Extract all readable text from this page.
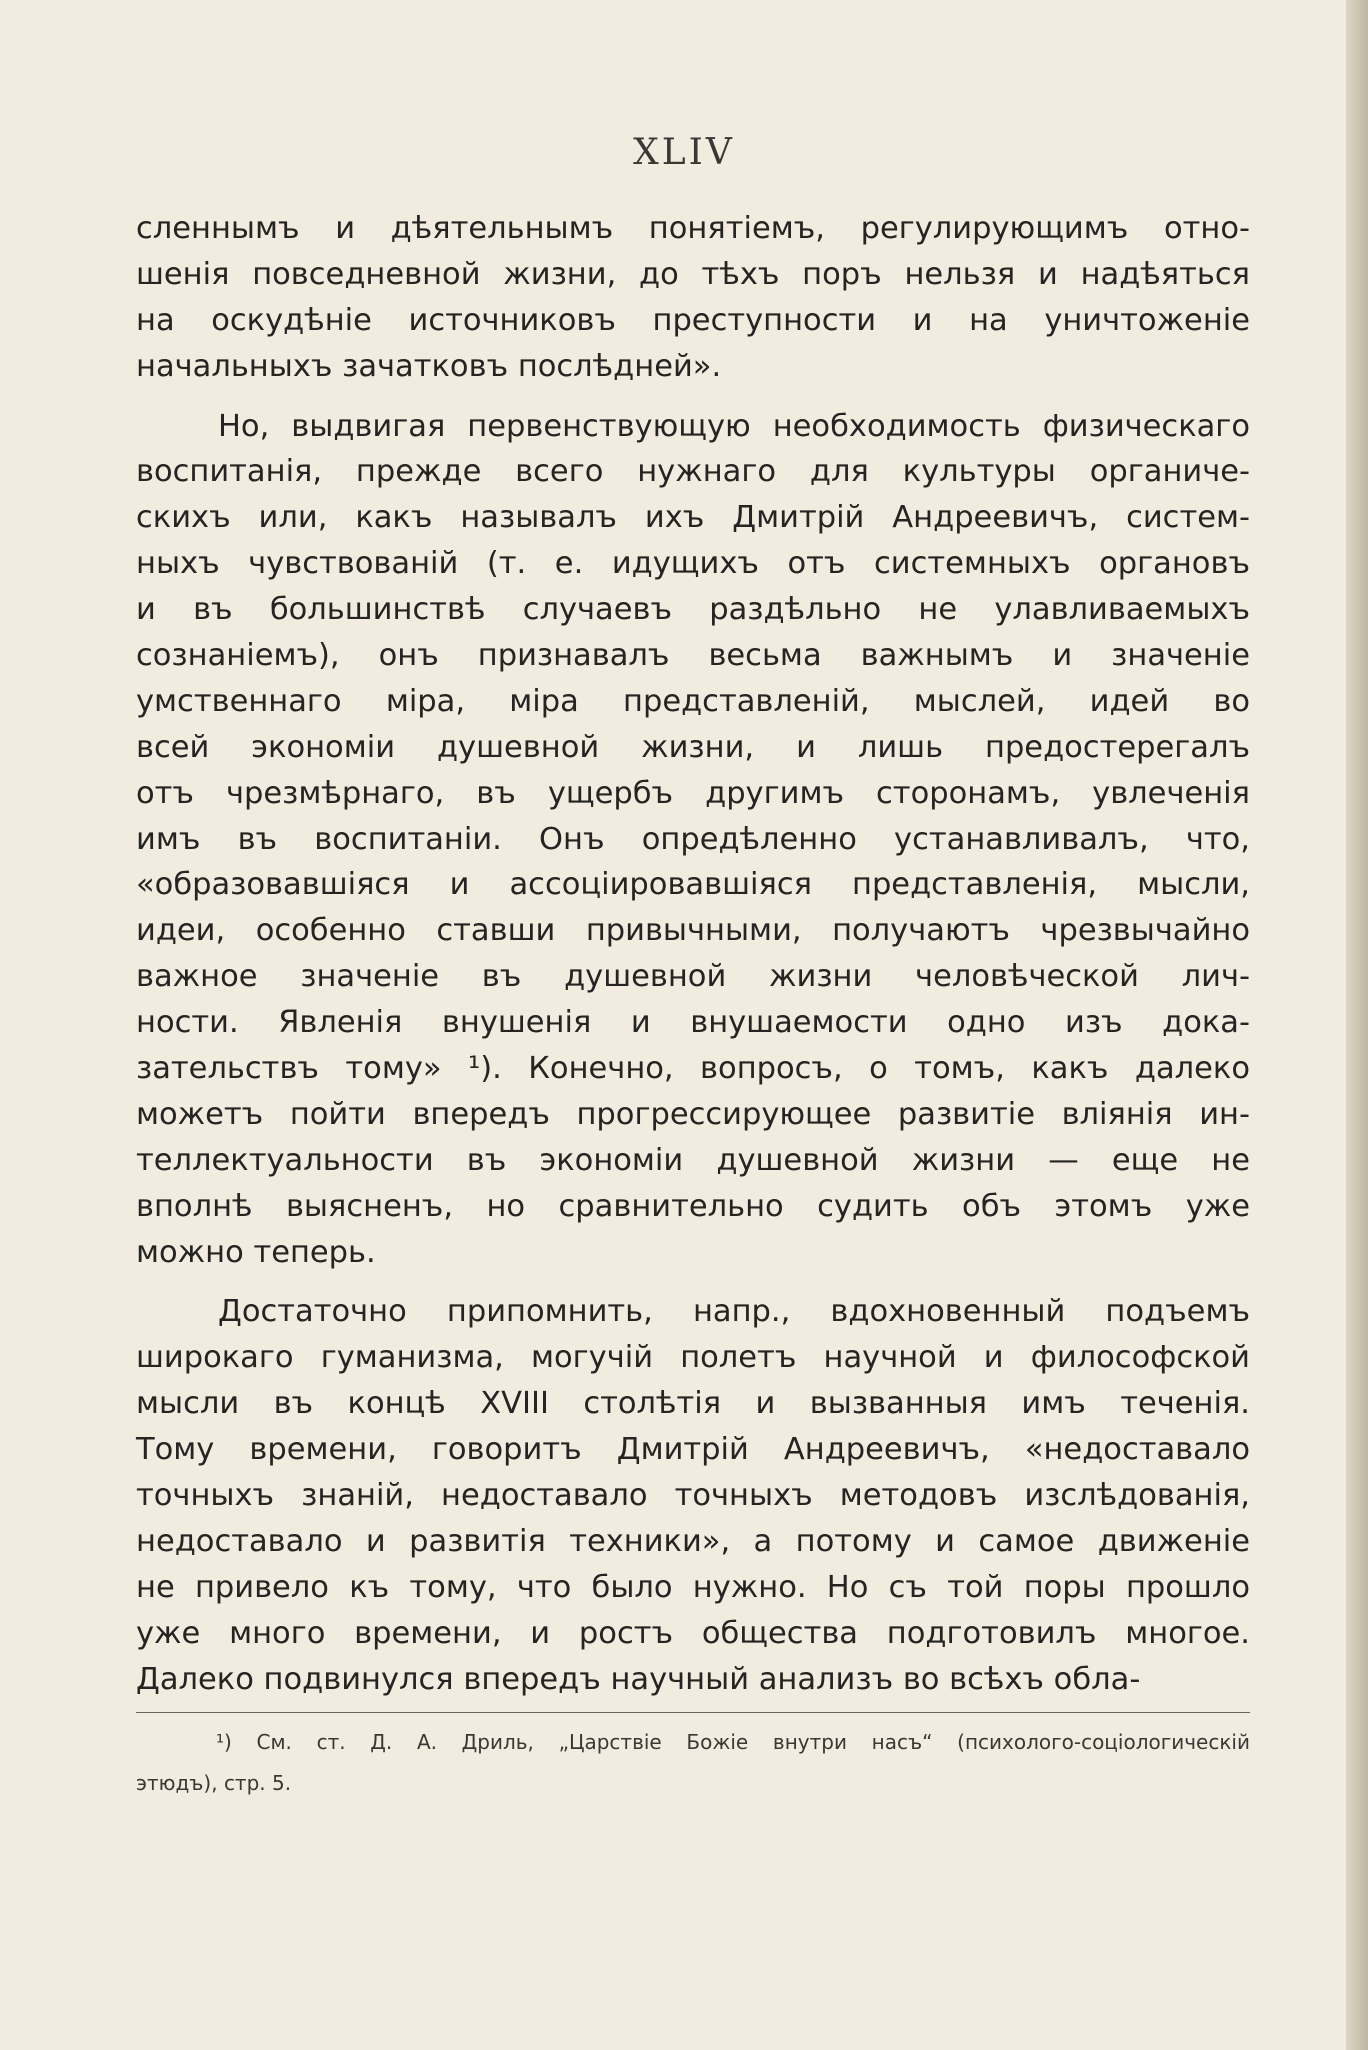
XLIV
сленнымъ и дѣятельнымъ понятіемъ, регулирующимъ отно-
шенія повседневной жизни, до тѣхъ поръ нельзя и надѣяться
на оскудѣніе источниковъ преступности и на уничтоженіе
начальныхъ зачатковъ послѣдней».
Но, выдвигая первенствующую необходимость физическаго
воспитанія, прежде всего нужнаго для культуры органиче-
скихъ или, какъ называлъ ихъ Дмитрій Андреевичъ, систем-
ныхъ чувствованій (т. е. идущихъ отъ системныхъ органовъ
и въ большинствѣ случаевъ раздѣльно не улавливаемыхъ
сознаніемъ), онъ признавалъ весьма важнымъ и значеніе
умственнаго міра, міра представленій, мыслей, идей во
всей экономіи душевной жизни, и лишь предостерегалъ
отъ чрезмѣрнаго, въ ущербъ другимъ сторонамъ, увлеченія
имъ въ воспитаніи. Онъ опредѣленно устанавливалъ, что,
«образовавшіяся и ассоціировавшіяся представленія, мысли,
идеи, особенно ставши привычными, получаютъ чрезвычайно
важное значеніе въ душевной жизни человѣческой лич-
ности. Явленія внушенія и внушаемости одно изъ дока-
зательствъ тому» ¹). Конечно, вопросъ, о томъ, какъ далеко
можетъ пойти впередъ прогрессирующее развитіе вліянія ин-
теллектуальности въ экономіи душевной жизни — еще не
вполнѣ выясненъ, но сравнительно судить объ этомъ уже
можно теперь.
Достаточно припомнить, напр., вдохновенный подъемъ
широкаго гуманизма, могучій полетъ научной и философской
мысли въ концѣ XVIII столѣтія и вызванныя имъ теченія.
Тому времени, говоритъ Дмитрій Андреевичъ, «недоставало
точныхъ знаній, недоставало точныхъ методовъ изслѣдованія,
недоставало и развитія техники», а потому и самое движеніе
не привело къ тому, что было нужно. Но съ той поры прошло
уже много времени, и ростъ общества подготовилъ многое.
Далеко подвинулся впередъ научный анализъ во всѣхъ обла-
¹) См. ст. Д. А. Дриль, „Царствіе Божіе внутри насъ“ (психолого-соціологическій
этюдъ), стр. 5.
